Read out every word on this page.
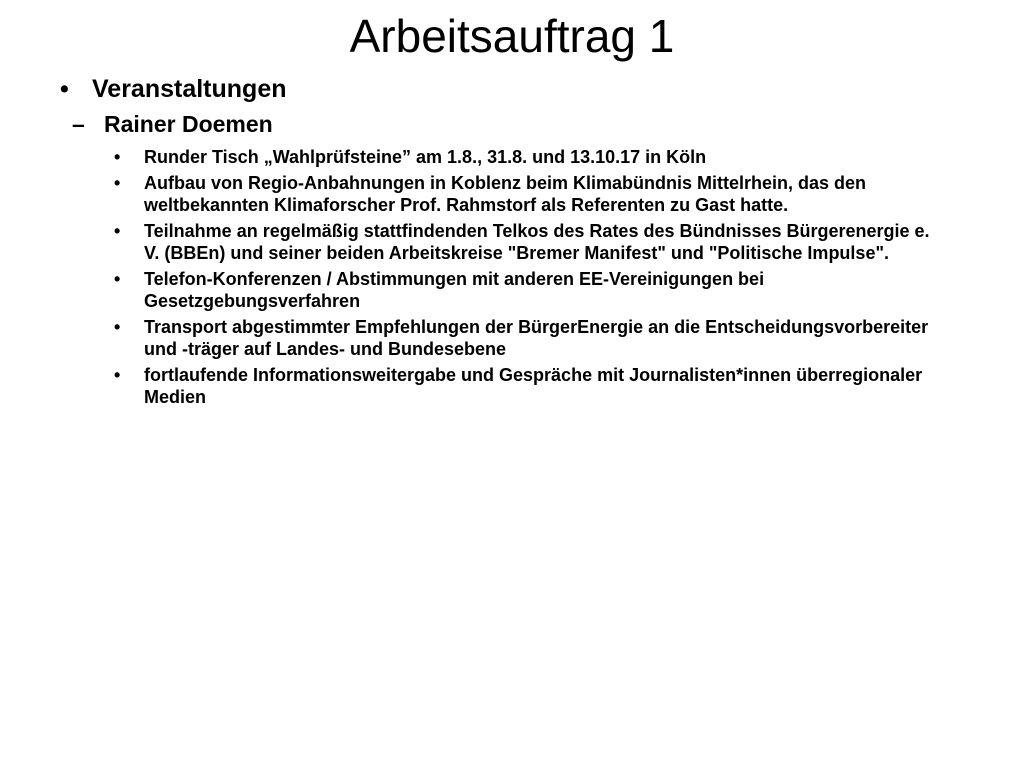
Arbeitsauftrag 1
• Veranstaltungen
– Rainer Doemen
•	Runder Tisch „Wahlprüfsteine” am 1.8., 31.8. und 13.10.17 in Köln
•	Aufbau von Regio-Anbahnungen in Koblenz beim Klimabündnis Mittelrhein, das den weltbekannten Klimaforscher Prof. Rahmstorf als Referenten zu Gast hatte.
•	Teilnahme an regelmäßig stattfindenden Telkos des Rates des Bündnisses Bürgerenergie e. V. (BBEn) und seiner beiden Arbeitskreise "Bremer Manifest" und "Politische Impulse".
•	Telefon-Konferenzen / Abstimmungen mit anderen EE-Vereinigungen bei Gesetzgebungsverfahren
•	Transport abgestimmter Empfehlungen der BürgerEnergie an die Entscheidungsvorbereiter und -träger auf Landes- und Bundesebene
•	fortlaufende Informationsweitergabe und Gespräche mit Journalisten*innen überregionaler Medien
